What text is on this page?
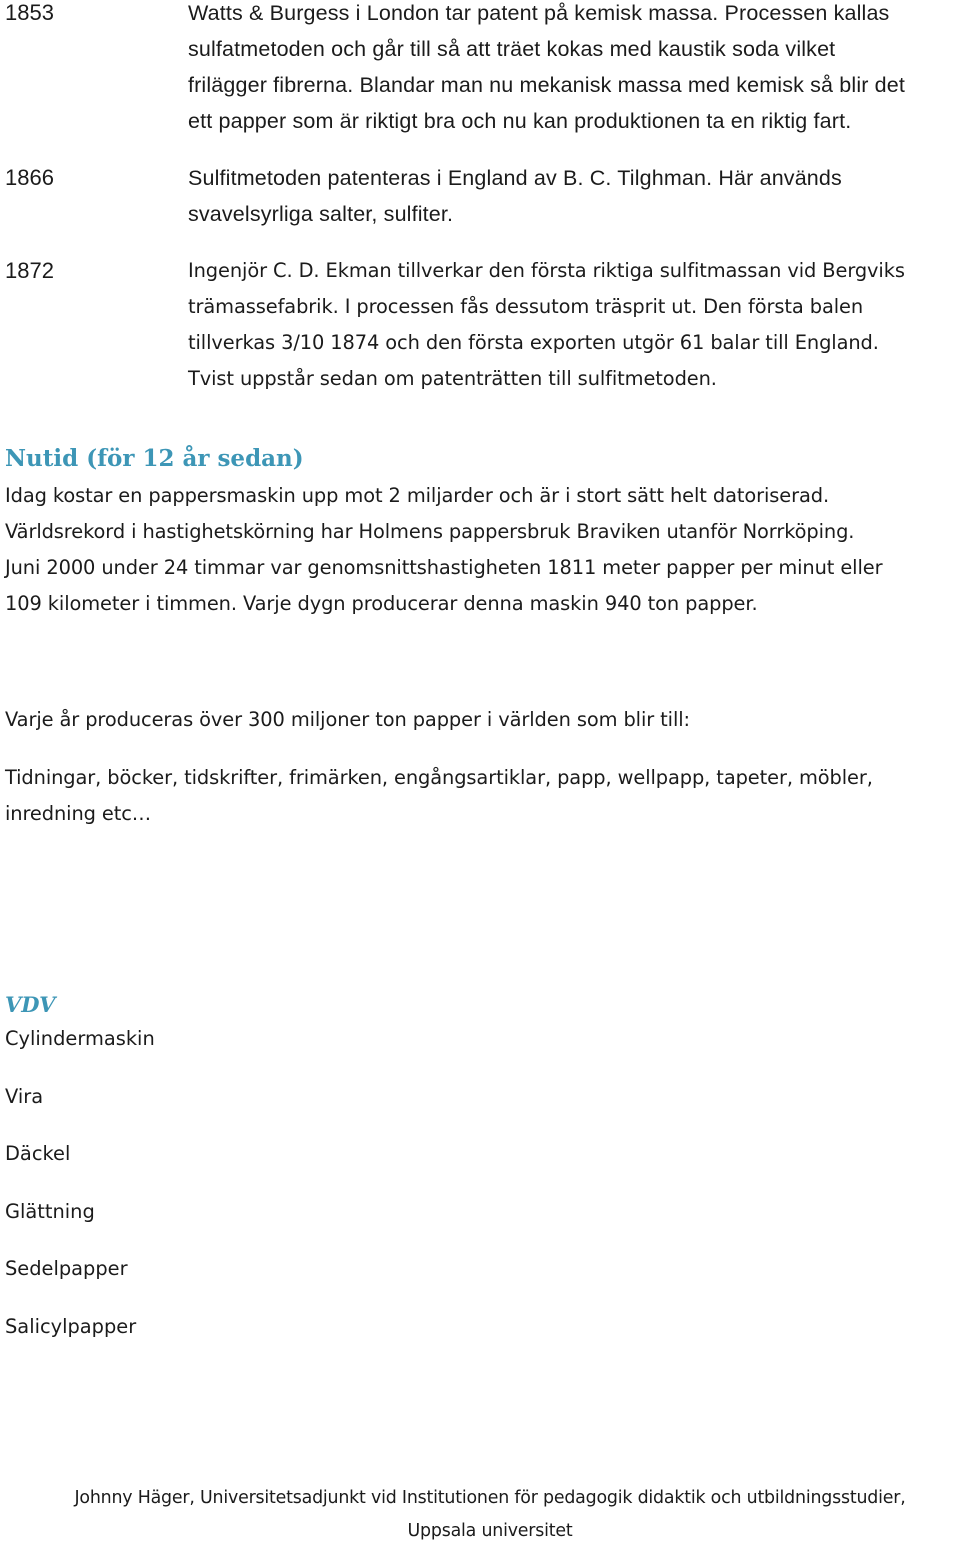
1853	Watts & Burgess i London tar patent på kemisk massa. Processen kallas
sulfatmetoden och går till så att träet kokas med kaustik soda vilket
frilägger fibrerna. Blandar man nu mekanisk massa med kemisk så blir det
ett papper som är riktigt bra och nu kan produktionen ta en riktig fart.
1866	Sulfitmetoden patenteras i England av B. C. Tilghman. Här används
svavelsyrliga salter, sulfiter.
1872	Ingenjör C. D. Ekman tillverkar den första riktiga sulfitmassan vid Bergviks
trämassefabrik. I processen fås dessutom träsprit ut. Den första balen
tillverkas 3/10 1874 och den första exporten utgör 61 balar till England.
Tvist uppstår sedan om patenträtten till sulfitmetoden.
Nutid (för 12 år sedan)
Idag kostar en pappersmaskin upp mot 2 miljarder och är i stort sätt helt datoriserad.
Världsrekord i hastighetskörning har Holmens pappersbruk Braviken utanför Norrköping.
Juni 2000 under 24 timmar var genomsnittshastigheten 1811 meter papper per minut eller
109 kilometer i timmen. Varje dygn producerar denna maskin 940 ton papper.
Varje år produceras över 300 miljoner ton papper i världen som blir till:
Tidningar, böcker, tidskrifter, frimärken, engångsartiklar, papp, wellpapp, tapeter, möbler,
inredning etc…
VDV
Cylindermaskin
Vira
Däckel
Glättning
Sedelpapper
Salicylpapper
Johnny Häger, Universitetsadjunkt vid Institutionen för pedagogik didaktik och utbildningsstudier,
Uppsala universitet
